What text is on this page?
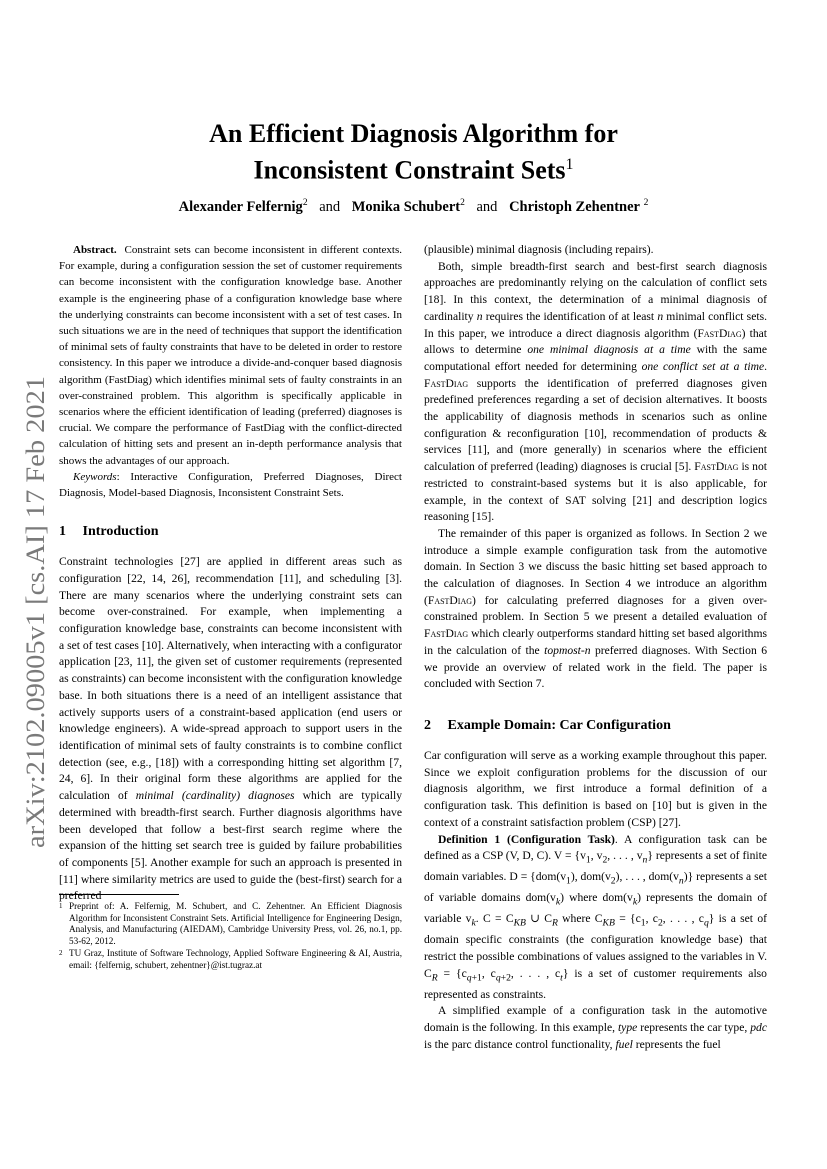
arXiv:2102.09005v1 [cs.AI] 17 Feb 2021
An Efficient Diagnosis Algorithm for
Inconsistent Constraint Sets$^1$
Alexander Felfernig$^2$ and Monika Schubert$^2$ and Christoph Zehentner $^2$

Abstract. Constraint sets can become inconsistent in different contexts. For example, during a configuration session the set of customer requirements can become inconsistent with the configuration knowledge base. Another example is the engineering phase of a configuration knowledge base where the underlying constraints can become inconsistent with a set of test cases. In such situations we are in the need of techniques that support the identification of minimal sets of faulty constraints that have to be deleted in order to restore consistency. In this paper we introduce a divide-and-conquer based diagnosis algorithm (FastDiag) which identifies minimal sets of faulty constraints in an over-constrained problem. This algorithm is specifically applicable in scenarios where the efficient identification of leading (preferred) diagnoses is crucial. We compare the performance of FastDiag with the conflict-directed calculation of hitting sets and present an in-depth performance analysis that shows the advantages of our approach.

Keywords: Interactive Configuration, Preferred Diagnoses, Direct Diagnosis, Model-based Diagnosis, Inconsistent Constraint Sets.

1 Introduction

Constraint technologies [27] are applied in different areas such as configuration [22, 14, 26], recommendation [11], and scheduling [3]. There are many scenarios where the underlying constraint sets can become over-constrained. For example, when implementing a configuration knowledge base, constraints can become inconsistent with a set of test cases [10]. Alternatively, when interacting with a configurator application [23, 11], the given set of customer requirements (represented as constraints) can become inconsistent with the configuration knowledge base. In both situations there is a need of an intelligent assistance that actively supports users of a constraint-based application (end users or knowledge engineers). A wide-spread approach to support users in the identification of minimal sets of faulty constraints is to combine conflict detection (see, e.g., [18]) with a corresponding hitting set algorithm [7, 24, 6]. In their original form these algorithms are applied for the calculation of minimal (cardinality) diagnoses which are typically determined with breadth-first search. Further diagnosis algorithms have been developed that follow a best-first search regime where the expansion of the hitting set search tree is guided by failure probabilities of components [5]. Another example for such an approach is presented in [11] where similarity metrics are used to guide the (best-first) search for a preferred

1 Preprint of: A. Felfernig, M. Schubert, and C. Zehentner. An Efficient Diagnosis Algorithm for Inconsistent Constraint Sets. Artificial Intelligence for Engineering Design, Analysis, and Manufacturing (AIEDAM), Cambridge University Press, vol. 26, no.1, pp. 53-62, 2012.
2 TU Graz, Institute of Software Technology, Applied Software Engineering & AI, Austria, email: {felfernig, schubert, zehentner}@ist.tugraz.at

(plausible) minimal diagnosis (including repairs).

Both, simple breadth-first search and best-first search diagnosis approaches are predominantly relying on the calculation of conflict sets [18]. In this context, the determination of a minimal diagnosis of cardinality n requires the identification of at least n minimal conflict sets. In this paper, we introduce a direct diagnosis algorithm (FastDiag) that allows to determine one minimal diagnosis at a time with the same computational effort needed for determining one conflict set at a time. FastDiag supports the identification of preferred diagnoses given predefined preferences regarding a set of decision alternatives. It boosts the applicability of diagnosis methods in scenarios such as online configuration & reconfiguration [10], recommendation of products & services [11], and (more generally) in scenarios where the efficient calculation of preferred (leading) diagnoses is crucial [5]. FastDiag is not restricted to constraint-based systems but it is also applicable, for example, in the context of SAT solving [21] and description logics reasoning [15].

The remainder of this paper is organized as follows. In Section 2 we introduce a simple example configuration task from the automotive domain. In Section 3 we discuss the basic hitting set based approach to the calculation of diagnoses. In Section 4 we introduce an algorithm (FastDiag) for calculating preferred diagnoses for a given over-constrained problem. In Section 5 we present a detailed evaluation of FastDiag which clearly outperforms standard hitting set based algorithms in the calculation of the topmost-n preferred diagnoses. With Section 6 we provide an overview of related work in the field. The paper is concluded with Section 7.

2 Example Domain: Car Configuration

Car configuration will serve as a working example throughout this paper. Since we exploit configuration problems for the discussion of our diagnosis algorithm, we first introduce a formal definition of a configuration task. This definition is based on [10] but is given in the context of a constraint satisfaction problem (CSP) [27].

Definition 1 (Configuration Task). A configuration task can be defined as a CSP (V, D, C). $V = \{v_1$, $v_2$, . . . , $v_n$} represents a set of finite domain variables. $D = \{dom(v_1)$, $dom(v_2)$, . . . , $dom(v_n)$} represents a set of variable domains $dom(v_k)$ where $dom(v_k)$ represents the domain of variable $v_k$. $C = C_{KB}$ ∪ $C_R$ where $C_{KB} = \{c_1$, $c_2$, . . . , $c_q$} is a set of domain specific constraints (the configuration knowledge base) that restrict the possible combinations of values assigned to the variables in V. $C_R = \{c_{q+1}$, $c_{q+2}$, . . . , $c_t$} is a set of customer requirements also represented as constraints.

A simplified example of a configuration task in the automotive domain is the following. In this example, type represents the car type, pdc is the parc distance control functionality, fuel represents the fuel
